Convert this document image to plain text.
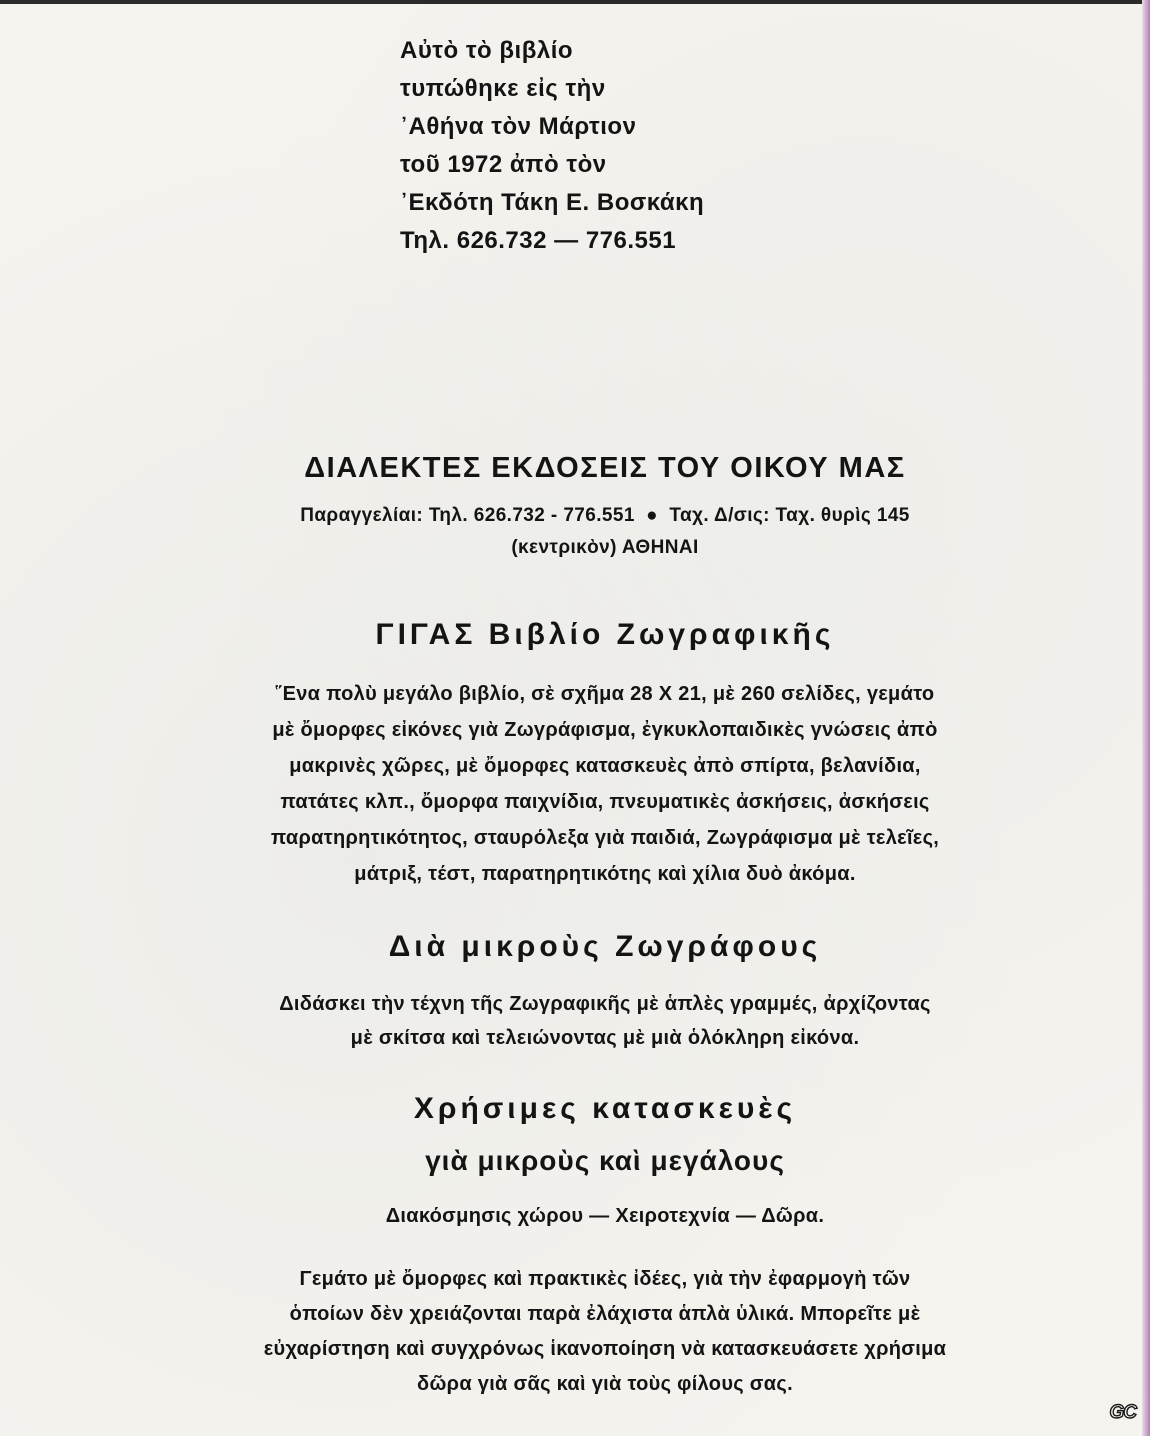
Αὐτὸ τὸ βιβλίο
τυπώθηκε εἰς τὴν
᾿Αθήνα τὸν Μάρτιον
τοῦ 1972 ἀπὸ τὸν
᾿Εκδότη Τάκη Ε. Βοσκάκη
Τηλ. 626.732 — 776.551
ΔΙΑΛΕΚΤΕΣ ΕΚΔΟΣΕΙΣ ΤΟΥ ΟΙΚΟΥ ΜΑΣ
Παραγγελίαι: Τηλ. 626.732 - 776.551  ●  Ταχ. Δ/σις: Ταχ. θυρὶς 145
(κεντρικὸν) ΑΘΗΝΑΙ
ΓΙΓΑΣ Βιβλίο Ζωγραφικῆς
῞Ενα πολὺ μεγάλο βιβλίο, σὲ σχῆμα 28 Χ 21, μὲ 260 σελίδες, γεμάτο
μὲ ὄμορφες εἰκόνες γιὰ Ζωγράφισμα, ἐγκυκλοπαιδικὲς γνώσεις ἀπὸ
μακρινὲς χῶρες, μὲ ὄμορφες κατασκευὲς ἀπὸ σπίρτα, βελανίδια,
πατάτες κλπ., ὄμορφα παιχνίδια, πνευματικὲς ἀσκήσεις, ἀσκήσεις
παρατηρητικότητος, σταυρόλεξα γιὰ παιδιά, Ζωγράφισμα μὲ τελεῖες,
μάτριξ, τέστ, παρατηρητικότης καὶ χίλια δυὸ ἀκόμα.
Διὰ μικροὺς Ζωγράφους
Διδάσκει τὴν τέχνη τῆς Ζωγραφικῆς μὲ ἁπλὲς γραμμές, ἀρχίζοντας
μὲ σκίτσα καὶ τελειώνοντας μὲ μιὰ ὁλόκληρη εἰκόνα.
Χρήσιμες κατασκευὲς
γιὰ μικροὺς καὶ μεγάλους
Διακόσμησις χώρου — Χειροτεχνία — Δῶρα.
Γεμάτο μὲ ὄμορφες καὶ πρακτικὲς ἰδέες, γιὰ τὴν ἐφαρμογὴ τῶν
ὁποίων δὲν χρειάζονται παρὰ ἐλάχιστα ἁπλὰ ὑλικά. Μπορεῖτε μὲ
εὐχαρίστηση καὶ συγχρόνως ἱκανοποίηση νὰ κατασκευάσετε χρήσιμα
δῶρα γιὰ σᾶς καὶ γιὰ τοὺς φίλους σας.
GC
